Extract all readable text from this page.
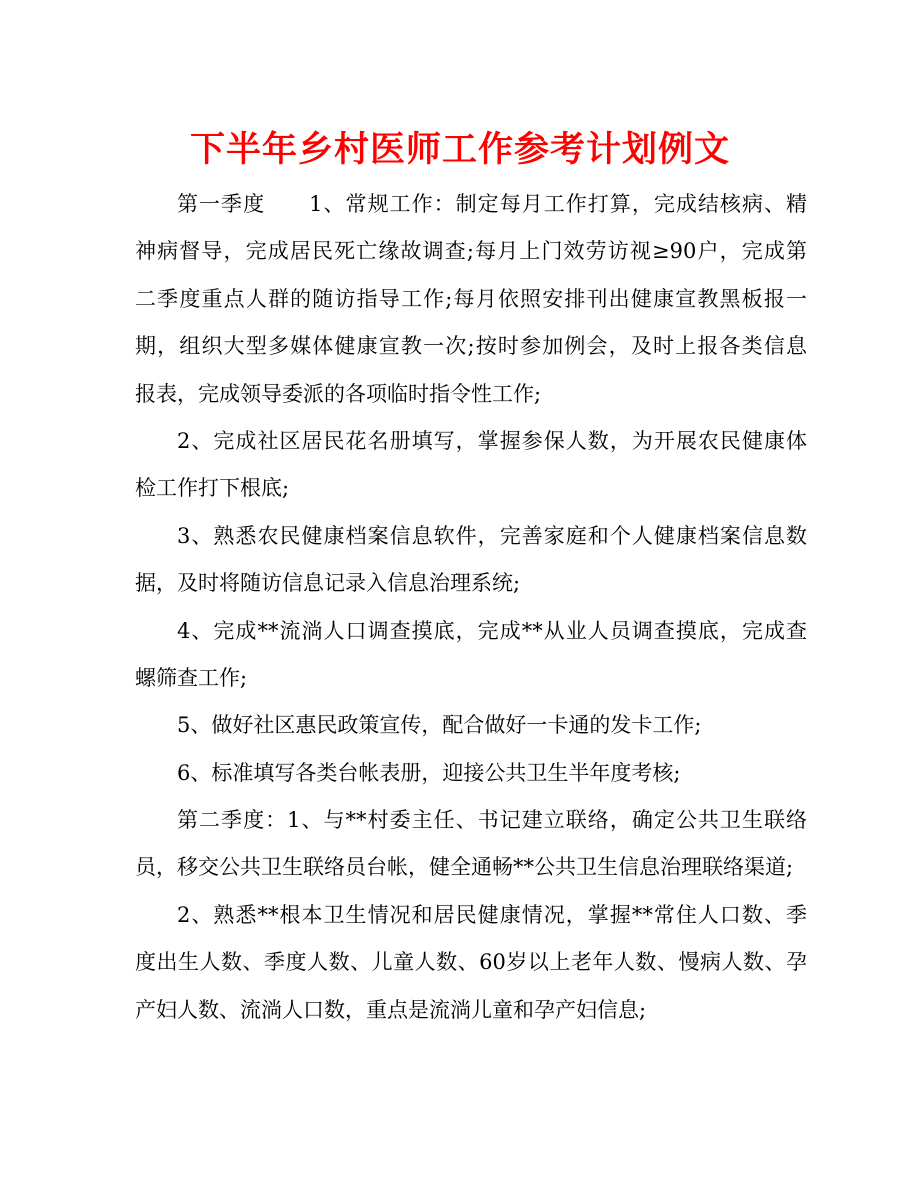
下半年乡村医师工作参考计划例文
第一季度　　1、常规工作：制定每月工作打算，完成结核病、精
神病督导，完成居民死亡缘故调查;每月上门效劳访视≥90户，完成第
二季度重点人群的随访指导工作;每月依照安排刊出健康宣教黑板报一
期，组织大型多媒体健康宣教一次;按时参加例会，及时上报各类信息
报表，完成领导委派的各项临时指令性工作;
2、完成社区居民花名册填写，掌握参保人数，为开展农民健康体
检工作打下根底;
3、熟悉农民健康档案信息软件，完善家庭和个人健康档案信息数
据，及时将随访信息记录入信息治理系统;
4、完成**流淌人口调查摸底，完成**从业人员调查摸底，完成查
螺筛查工作;
5、做好社区惠民政策宣传，配合做好一卡通的发卡工作;
6、标准填写各类台帐表册，迎接公共卫生半年度考核;
第二季度：1、与**村委主任、书记建立联络，确定公共卫生联络
员，移交公共卫生联络员台帐，健全通畅**公共卫生信息治理联络渠道;
2、熟悉**根本卫生情况和居民健康情况，掌握**常住人口数、季
度出生人数、季度人数、儿童人数、60岁以上老年人数、慢病人数、孕
产妇人数、流淌人口数，重点是流淌儿童和孕产妇信息;
